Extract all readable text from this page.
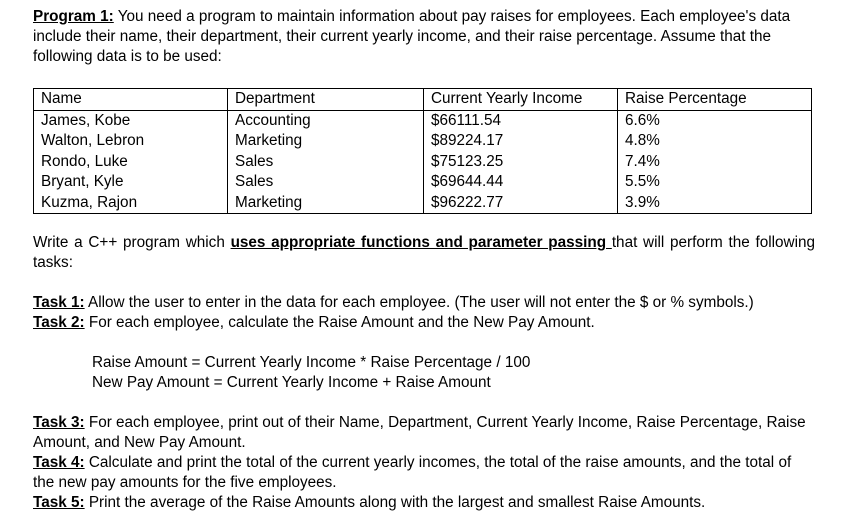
Program 1: You need a program to maintain information about pay raises for employees. Each employee's data include their name, their department, their current yearly income, and their raise percentage. Assume that the following data is to be used:
Name	Department	Current Yearly Income	Raise Percentage
James, Kobe	Accounting	$66111.54	6.6%
Walton, Lebron	Marketing	$89224.17	4.8%
Rondo, Luke	Sales	$75123.25	7.4%
Bryant, Kyle	Sales	$69644.44	5.5%
Kuzma, Rajon	Marketing	$96222.77	3.9%
Write a C++ program which uses appropriate functions and parameter passing that will perform the following tasks:
Task 1: Allow the user to enter in the data for each employee. (The user will not enter the $ or % symbols.)
Task 2: For each employee, calculate the Raise Amount and the New Pay Amount.
Raise Amount = Current Yearly Income * Raise Percentage / 100
New Pay Amount = Current Yearly Income + Raise Amount
Task 3: For each employee, print out of their Name, Department, Current Yearly Income, Raise Percentage, Raise Amount, and New Pay Amount.
Task 4: Calculate and print the total of the current yearly incomes, the total of the raise amounts, and the total of the new pay amounts for the five employees.
Task 5: Print the average of the Raise Amounts along with the largest and smallest Raise Amounts.
